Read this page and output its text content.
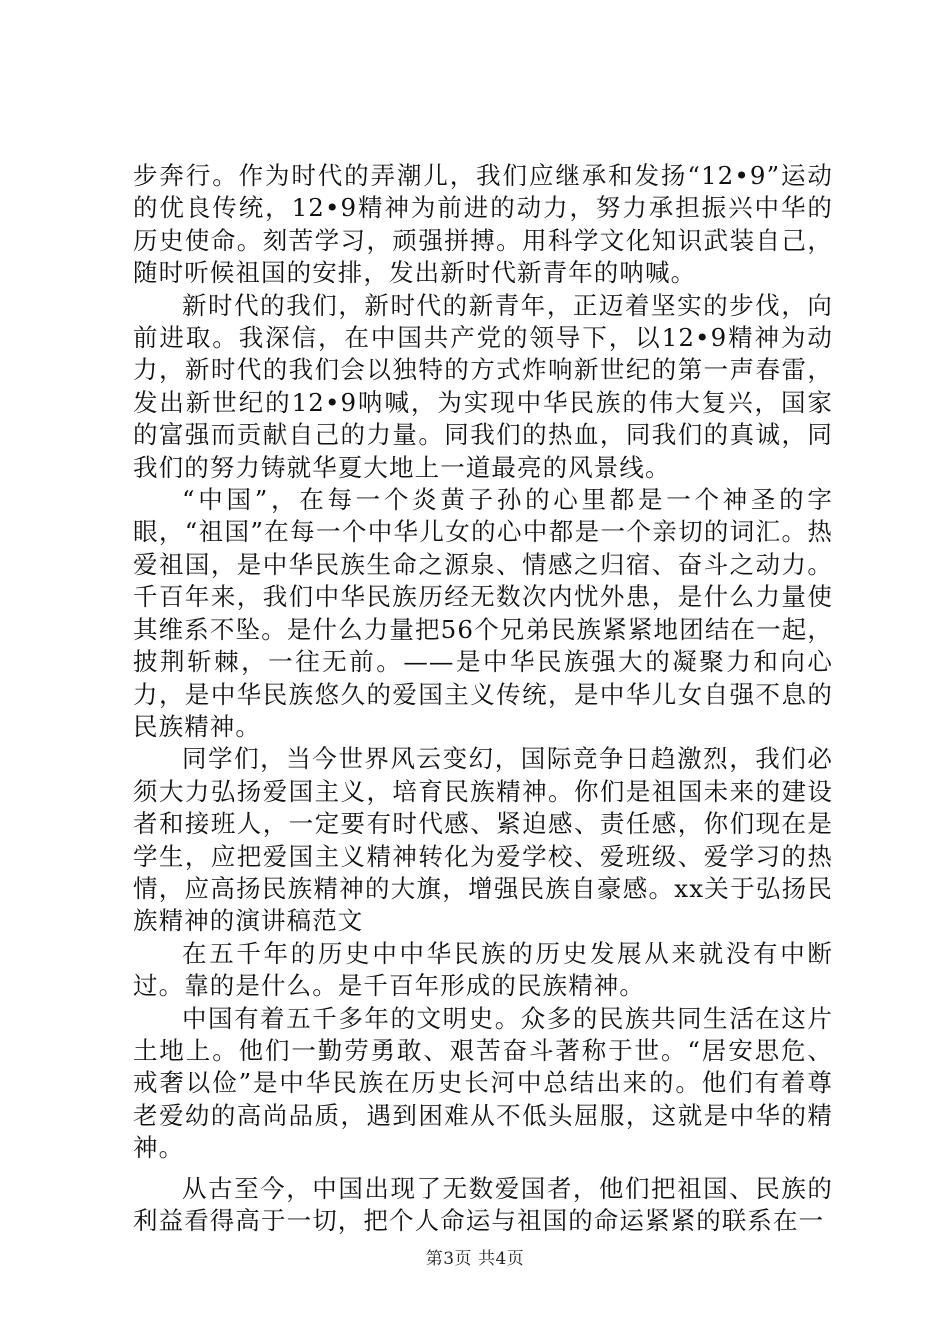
步奔行。作为时代的弄潮儿，我们应继承和发扬“12•9”运动的优良传统，12•9精神为前进的动力，努力承担振兴中华的历史使命。刻苦学习，顽强拼搏。用科学文化知识武装自己，随时听候祖国的安排，发出新时代新青年的呐喊。

新时代的我们，新时代的新青年，正迈着坚实的步伐，向前进取。我深信，在中国共产党的领导下，以12•9精神为动力，新时代的我们会以独特的方式炸响新世纪的第一声春雷，发出新世纪的12•9呐喊，为实现中华民族的伟大复兴，国家的富强而贡献自己的力量。同我们的热血，同我们的真诚，同我们的努力铸就华夏大地上一道最亮的风景线。

“中国”，在每一个炎黄子孙的心里都是一个神圣的字眼，“祖国”在每一个中华儿女的心中都是一个亲切的词汇。热爱祖国，是中华民族生命之源泉、情感之归宿、奋斗之动力。千百年来，我们中华民族历经无数次内忧外患，是什么力量使其维系不坠。是什么力量把56个兄弟民族紧紧地团结在一起，披荆斩棘，一往无前。——是中华民族强大的凝聚力和向心力，是中华民族悠久的爱国主义传统，是中华儿女自强不息的民族精神。

同学们，当今世界风云变幻，国际竞争日趋激烈，我们必须大力弘扬爱国主义，培育民族精神。你们是祖国未来的建设者和接班人，一定要有时代感、紧迫感、责任感，你们现在是学生，应把爱国主义精神转化为爱学校、爱班级、爱学习的热情，应高扬民族精神的大旗，增强民族自豪感。xx关于弘扬民族精神的演讲稿范文

在五千年的历史中中华民族的历史发展从来就没有中断过。靠的是什么。是千百年形成的民族精神。

中国有着五千多年的文明史。众多的民族共同生活在这片土地上。他们一勤劳勇敢、艰苦奋斗著称于世。“居安思危、戒奢以俭”是中华民族在历史长河中总结出来的。他们有着尊老爱幼的高尚品质，遇到困难从不低头屈服，这就是中华的精神。

从古至今，中国出现了无数爱国者，他们把祖国、民族的利益看得高于一切，把个人命运与祖国的命运紧紧的联系在一

第3页 共4页
